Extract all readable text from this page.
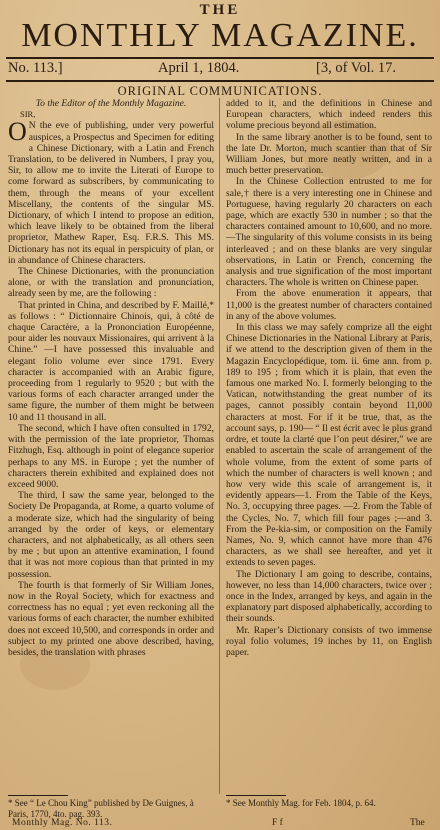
THE
MONTHLY MAGAZINE.
No. 113.]	April 1, 1804.	[3, of Vol. 17.
ORIGINAL COMMUNICATIONS.

To the Editor of the Monthly Magazine.

SIR,

O N the eve of publishing, under very powerful auspices, a Prospectus and Specimen for editing a Chinese Dictionary, with a Latin and French Translation, to be delivered in Numbers, I pray you, Sir, to allow me to invite the Literati of Europe to come forward as subscribers, by communicating to them, through the means of your excellent Miscellany, the contents of the singular MS. Dictionary, of which I intend to propose an edition, which leave likely to be obtained from the liberal proprietor, Mathew Raper, Esq. F.R.S. This MS. Dictionary has not its equal in perspicuity of plan, or in abundance of Chinese characters.

The Chinese Dictionaries, with the pronunciation alone, or with the translation and pronunciation, already seen by me, are the following :

That printed in China, and described by F. Maillé,* as follows : “ Dictionnaire Chinois, qui, à côté de chaque Caractère, a la Prononciation Européenne, pour aider les nouvaux Missionaires, qui arrivent à la Chine.” —I have possessed this invaluable and elegant folio volume ever since 1791. Every character is accompanied with an Arabic figure, proceeding from 1 regularly to 9520 ; but with the various forms of each character arranged under the same figure, the number of them might be between 10 and 11 thousand in all.

The second, which I have often consulted in 1792, with the permission of the late proprietor, Thomas Fitzhugh, Esq. although in point of elegance superior perhaps to any MS. in Europe ; yet the number of characters therein exhibited and explained does not exceed 9000.

The third, I saw the same year, belonged to the Society De Propaganda, at Rome, a quarto volume of a moderate size, which had the singularity of being arranged by the order of keys, or elementary characters, and not alphabetically, as all others seen by me ; but upon an attentive examination, I found that it was not more copious than that printed in my possession.

The fourth is that formerly of Sir William Jones, now in the Royal Society, which for exactness and correctness has no equal ; yet even reckoning all the various forms of each character, the number exhibited does not exceed 10,500, and corresponds in order and subject to my printed one above described, having, besides, the translation with phrases

added to it, and the definitions in Chinese and European characters, which indeed renders this volume precious beyond all estimation.

In the same library another is to be found, sent to the late Dr. Morton, much scantier than that of Sir William Jones, but more neatly written, and in a much better preservation.

In the Chinese Collection entrusted to me for sale,† there is a very interesting one in Chinese and Portuguese, having regularly 20 characters on each page, which are exactly 530 in number ; so that the characters contained amount to 10,600, and no more.—The singularity of this volume consists in its being interleaved ; and on these blanks are very singular observations, in Latin or French, concerning the analysis and true signification of the most important characters. The whole is written on Chinese paper.

From the above enumeration it appears, that 11,000 is the greatest number of characters contained in any of the above volumes.

In this class we may safely comprize all the eight Chinese Dictionaries in the National Library at Paris, if we attend to the description given of them in the Magazin Encyclopédique, tom. ii. 6me ann. from p. 189 to 195 ; from which it is plain, that even the famous one marked No. I. formerly belonging to the Vatican, notwithstanding the great number of its pages, cannot possibly contain beyond 11,000 characters at most. For if it be true, that, as the account says, p. 190— “ Il est écrit avec le plus grand ordre, et toute la clarté que l’on peut désirer,” we are enabled to ascertain the scale of arrangement of the whole volume, from the extent of some parts of which the number of characters is well known ; and how very wide this scale of arrangement is, it evidently appears—1. From the Table of the Keys, No. 3, occupying three pages. —2. From the Table of the Cycles, No. 7, which fill four pages ;—and 3. From the Pe-kia-sim, or composition on the Family Names, No. 9, which cannot have more than 476 characters, as we shall see hereafter, and yet it extends to seven pages.

The Dictionary I am going to describe, contains, however, no less than 14,000 characters, twice over ; once in the Index, arranged by keys, and again in the explanatory part disposed alphabetically, according to their sounds.

Mr. Raper’s Dictionary consists of two immense royal folio volumes, 19 inches by 11, on English paper.

* See “ Le Chou King” published by De Guignes, à Paris, 1770, 4to. pag. 393.
* See Monthly Mag. for Feb. 1804, p. 64.
Monthly Mag. No. 113.	F f	The
